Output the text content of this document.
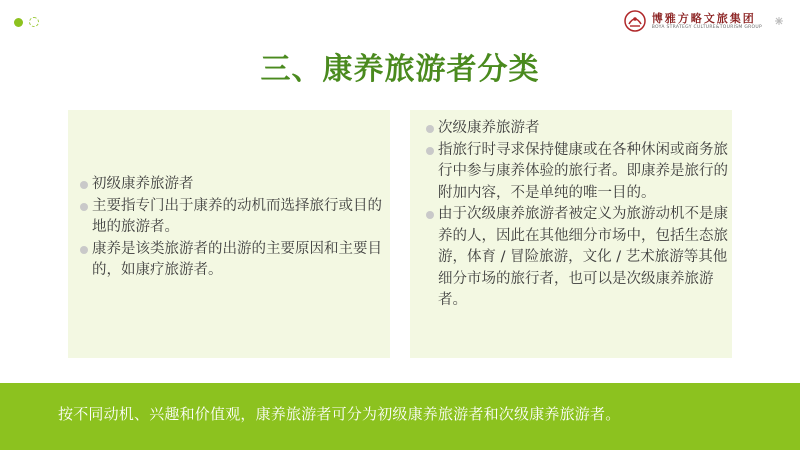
博雅方略文旅集团
BOYA STRATEGY CULTURE&TOURISM GROUP
三、康养旅游者分类
初级康养旅游者
主要指专门出于康养的动机而选择旅行或目的地的旅游者。
康养是该类旅游者的出游的主要原因和主要目的，如康疗旅游者。
次级康养旅游者
指旅行时寻求保持健康或在各种休闲或商务旅行中参与康养体验的旅行者。即康养是旅行的附加内容，不是单纯的唯一目的。
由于次级康养旅游者被定义为旅游动机不是康养的人，因此在其他细分市场中，包括生态旅游，体育 / 冒险旅游，文化 / 艺术旅游等其他细分市场的旅行者，也可以是次级康养旅游者。
按不同动机、兴趣和价值观，康养旅游者可分为初级康养旅游者和次级康养旅游者。
